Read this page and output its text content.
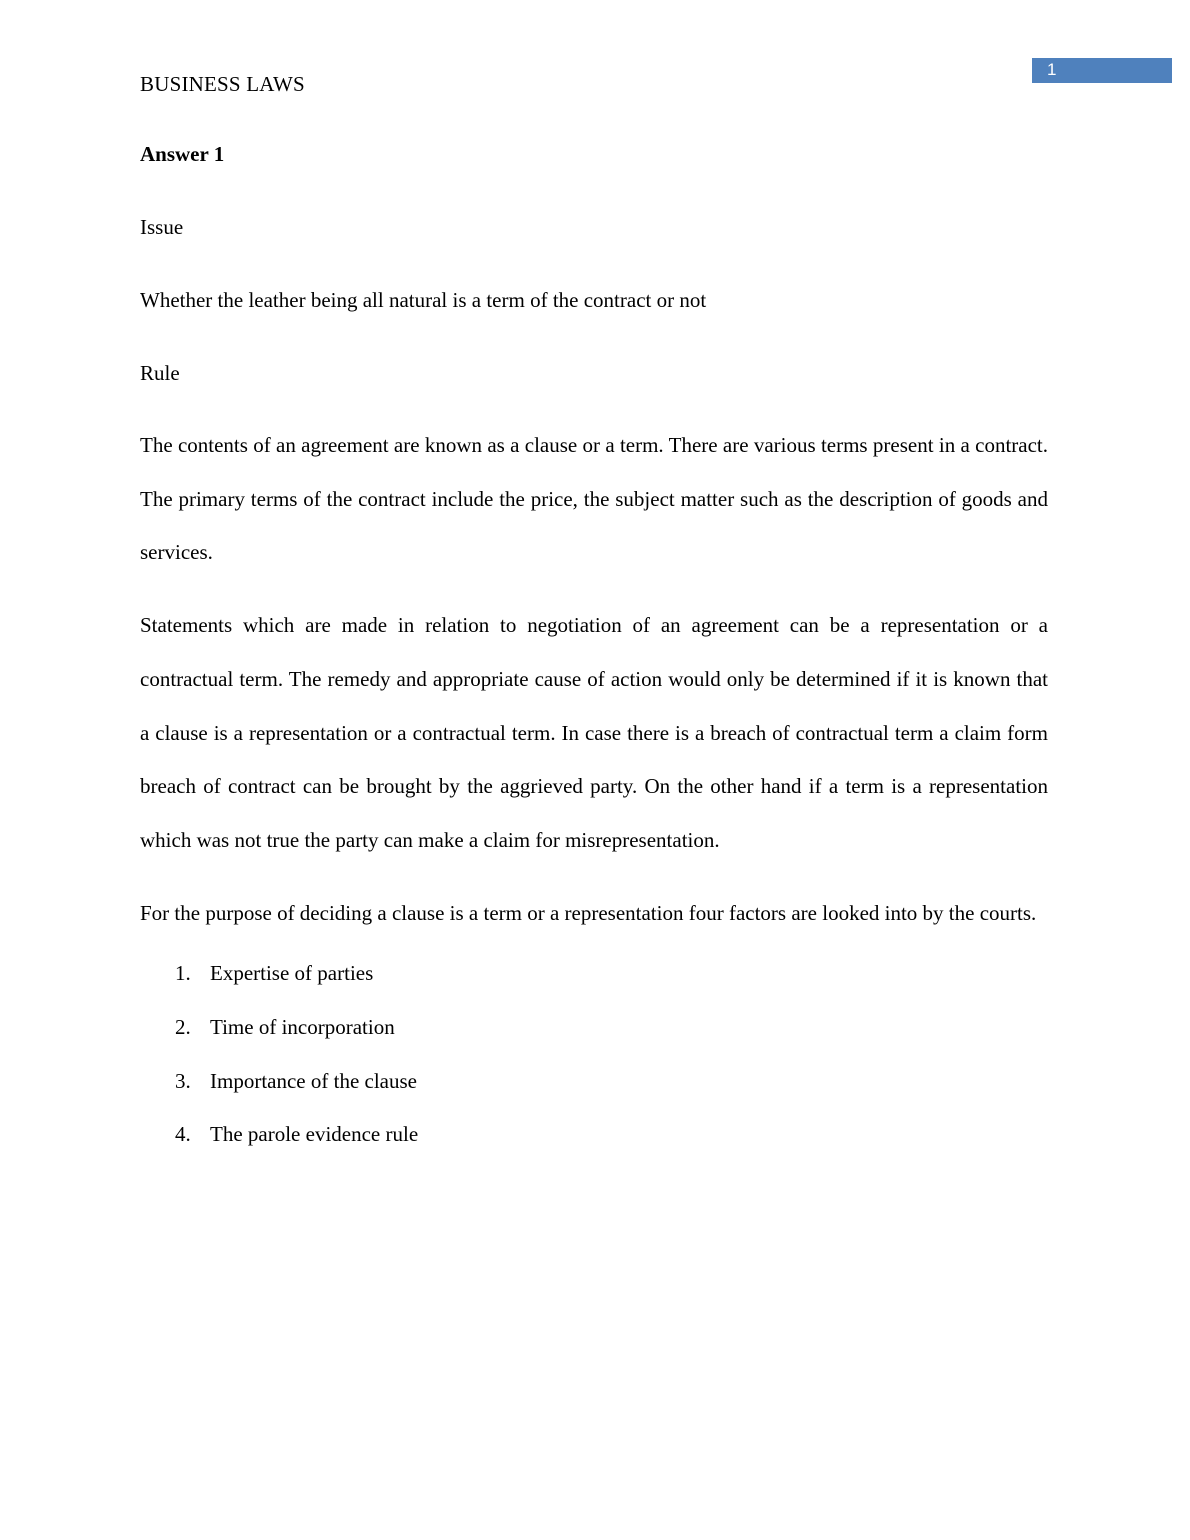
1
BUSINESS LAWS
Answer 1
Issue
Whether the leather being all natural is a term of the contract or not
Rule

The contents of an agreement are known as a clause or a term. There are various terms present in a contract. The primary terms of the contract include the price, the subject matter such as the description of goods and services.

Statements which are made in relation to negotiation of an agreement can be a representation or a contractual term. The remedy and appropriate cause of action would only be determined if it is known that a clause is a representation or a contractual term. In case there is a breach of contractual term a claim form breach of contract can be brought by the aggrieved party. On the other hand if a term is a representation which was not true the party can make a claim for misrepresentation.

For the purpose of deciding a clause is a term or a representation four factors are looked into by the courts.

1. Expertise of parties
2. Time of incorporation
3. Importance of the clause
4. The parole evidence rule
